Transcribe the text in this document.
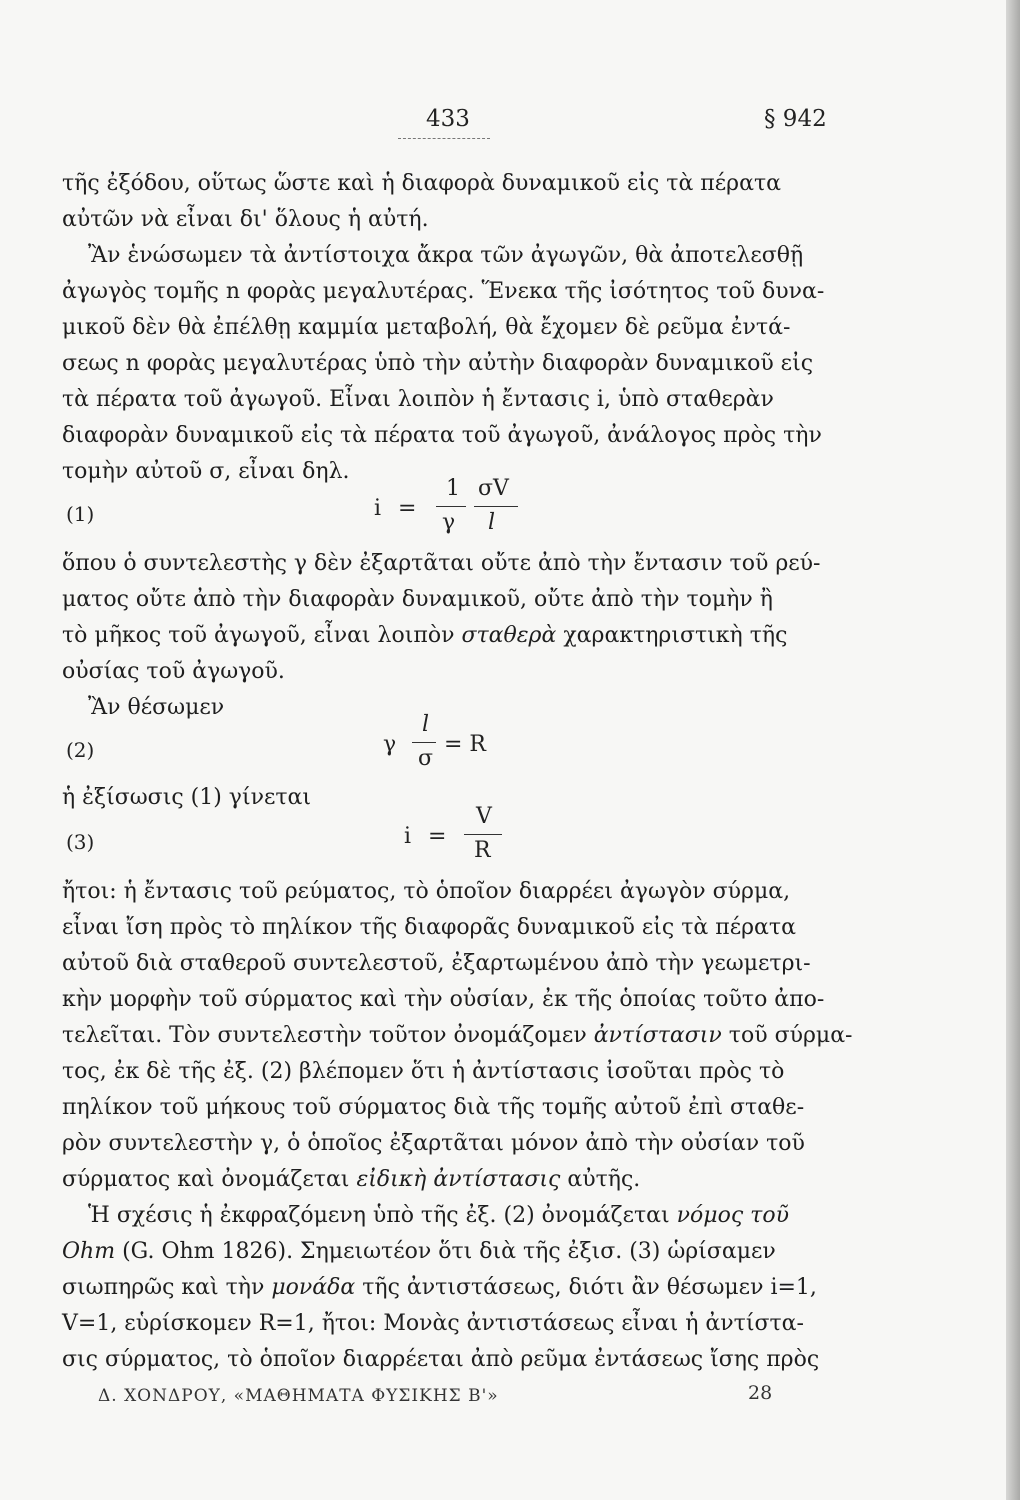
433	§ 942
τῆς ἐξόδου, οὕτως ὥστε καὶ ἡ διαφορὰ δυναμικοῦ εἰς τὰ πέρατα
αὐτῶν νὰ εἶναι δι' ὅλους ἡ αὐτή.
Ἂν ἑνώσωμεν τὰ ἀντίστοιχα ἄκρα τῶν ἀγωγῶν, θὰ ἀποτελεσθῇ
ἀγωγὸς τομῆς n φορὰς μεγαλυτέρας. Ἕνεκα τῆς ἰσότητος τοῦ δυνα-
μικοῦ δὲν θὰ ἐπέλθῃ καμμία μεταβολή, θὰ ἔχομεν δὲ ρεῦμα ἐντά-
σεως n φορὰς μεγαλυτέρας ὑπὸ τὴν αὐτὴν διαφορὰν δυναμικοῦ εἰς
τὰ πέρατα τοῦ ἀγωγοῦ. Εἶναι λοιπὸν ἡ ἔντασις i, ὑπὸ σταθερὰν
διαφορὰν δυναμικοῦ εἰς τὰ πέρατα τοῦ ἀγωγοῦ, ἀνάλογος πρὸς τὴν
τομὴν αὐτοῦ σ, εἶναι δηλ.
(1)	i =
1
γ
σV
l
ὅπου ὁ συντελεστὴς γ δὲν ἐξαρτᾶται οὔτε ἀπὸ τὴν ἔντασιν τοῦ ρεύ-
ματος οὔτε ἀπὸ τὴν διαφορὰν δυναμικοῦ, οὔτε ἀπὸ τὴν τομὴν ἢ
τὸ μῆκος τοῦ ἀγωγοῦ, εἶναι λοιπὸν σταθερὰ χαρακτηριστικὴ τῆς
οὐσίας τοῦ ἀγωγοῦ.
Ἂν θέσωμεν
(2)	γ
l
σ
= R
ἡ ἐξίσωσις (1) γίνεται
(3)	i =
V
R
ἤτοι: ἡ ἔντασις τοῦ ρεύματος, τὸ ὁποῖον διαρρέει ἀγωγὸν σύρμα,
εἶναι ἴση πρὸς τὸ πηλίκον τῆς διαφορᾶς δυναμικοῦ εἰς τὰ πέρατα
αὐτοῦ διὰ σταθεροῦ συντελεστοῦ, ἐξαρτωμένου ἀπὸ τὴν γεωμετρι-
κὴν μορφὴν τοῦ σύρματος καὶ τὴν οὐσίαν, ἐκ τῆς ὁποίας τοῦτο ἀπο-
τελεῖται. Τὸν συντελεστὴν τοῦτον ὀνομάζομεν ἀντίστασιν τοῦ σύρμα-
τος, ἐκ δὲ τῆς ἐξ. (2) βλέπομεν ὅτι ἡ ἀντίστασις ἰσοῦται πρὸς τὸ
πηλίκον τοῦ μήκους τοῦ σύρματος διὰ τῆς τομῆς αὐτοῦ ἐπὶ σταθε-
ρὸν συντελεστὴν γ, ὁ ὁποῖος ἐξαρτᾶται μόνον ἀπὸ τὴν οὐσίαν τοῦ
σύρματος καὶ ὀνομάζεται εἰδικὴ ἀντίστασις αὐτῆς.
Ἡ σχέσις ἡ ἐκφραζόμενη ὑπὸ τῆς ἐξ. (2) ὀνομάζεται νόμος τοῦ
Ohm (G. Ohm 1826). Σημειωτέον ὅτι διὰ τῆς ἐξισ. (3) ὡρίσαμεν
σιωπηρῶς καὶ τὴν μονάδα τῆς ἀντιστάσεως, διότι ἂν θέσωμεν i=1,
V=1, εὑρίσκομεν R=1, ἤτοι: Μονὰς ἀντιστάσεως εἶναι ἡ ἀντίστα-
σις σύρματος, τὸ ὁποῖον διαρρέεται ἀπὸ ρεῦμα ἐντάσεως ἴσης πρὸς
Δ. ΧΟΝΔΡΟΥ, «ΜΑΘΗΜΑΤΑ ΦΥΣΙΚΗΣ Β'»	28
